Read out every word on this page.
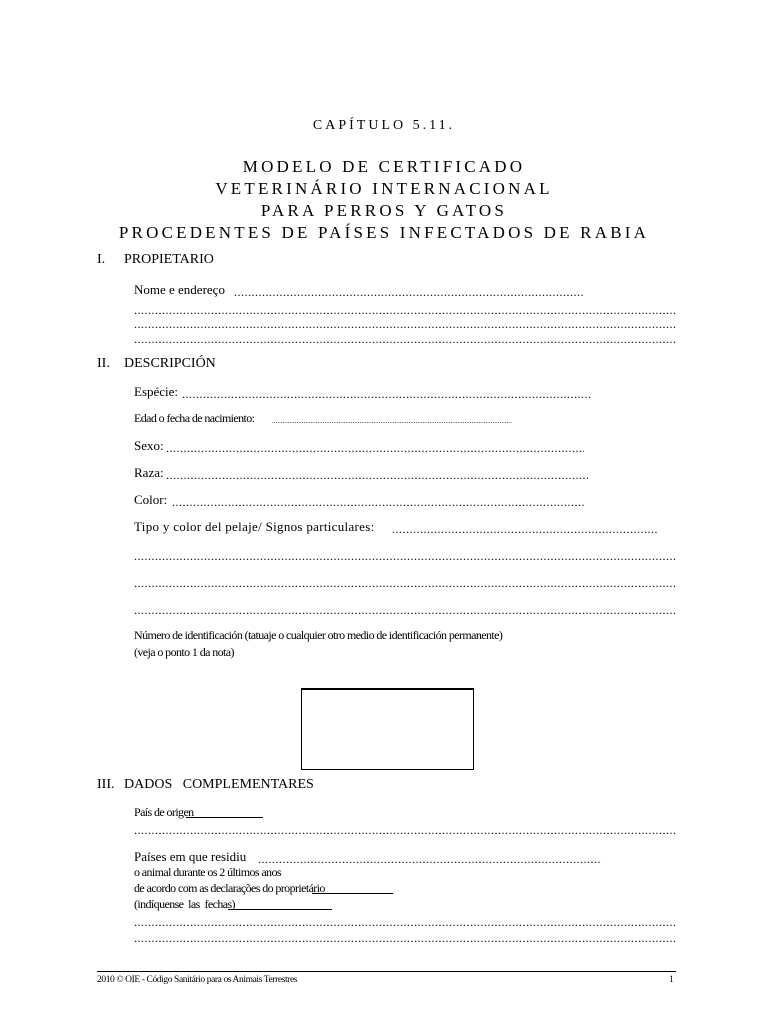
CAPÍTULO 5.11.
MODELO DE CERTIFICADO
VETERINÁRIO INTERNACIONAL
PARA PERROS Y GATOS
PROCEDENTES DE PAÍSES INFECTADOS DE RABIA
I. PROPIETARIO
Nome e endereço
.....
.....
.....
.....
II. DESCRIPCIÓN
Espécie:
.....
Edad o fecha de nacimiento:
.....
Sexo:
.....
Raza:
.....
Color:
.....
Tipo y color del pelaje/ Signos particulares:
.....
.....
.....
.....
Número de identificación (tatuaje o cualquier otro medio de identificación permanente)
(veja o ponto 1 da nota)
III. DADOS   COMPLEMENTARES
País de origen
.....
Países em que residiu
.....
o animal durante os 2 últimos anos
de acordo com as declarações do proprietário
(indíquense  las  fechas)
.....
.....
2010 © OIE - Código Sanitário para os Animais Terrestres	1
